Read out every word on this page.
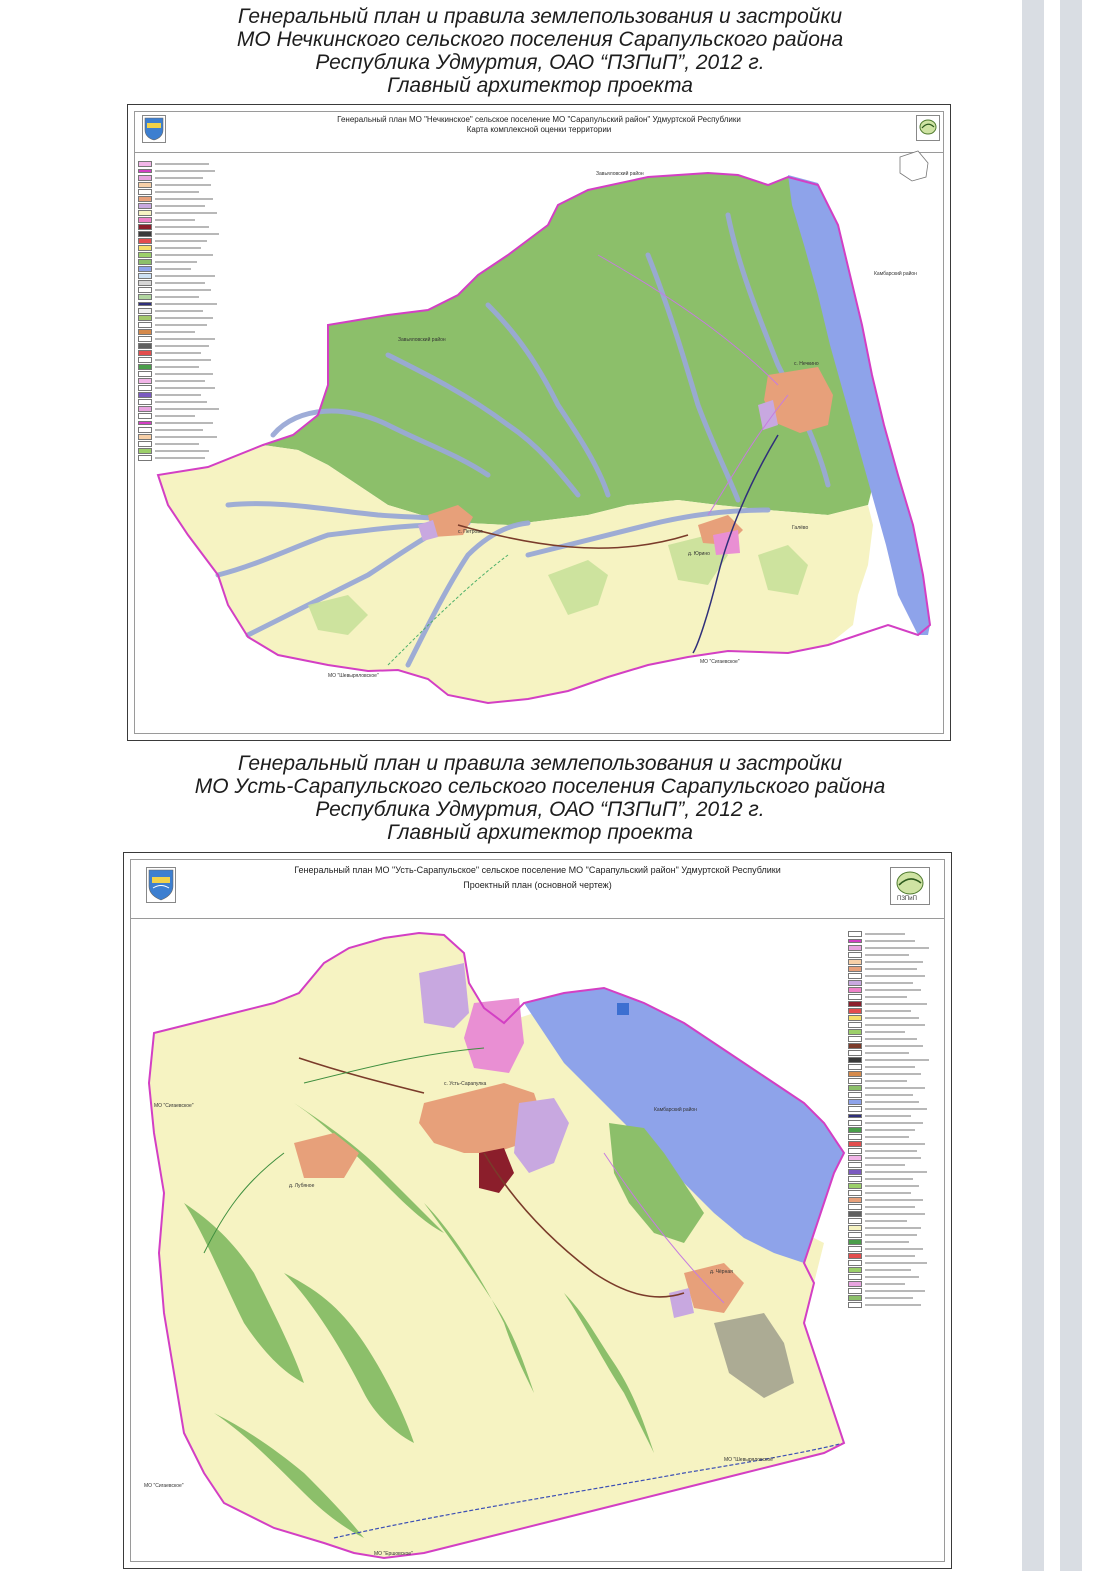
Генеральный план и правила землепользования и застройки
МО Нечкинского сельского поселения Сарапульского района
Республика Удмуртия, ОАО “ПЗПиП”, 2012 г.
Главный архитектор проекта
Генеральный план МО "Нечкинское" сельское поселение МО "Сарапульский район" Удмуртской Республики
Карта комплексной оценки территории
с. Нечкино
с. Петрово
д. Юрино
Галёво
Завьяловский район
Завьяловский район
Камбарский район
МО "Сигаевское"
МО "Шевыряловское"
Генеральный план и правила землепользования и застройки
МО Усть-Сарапульского сельского поселения Сарапульского района
Республика Удмуртия, ОАО “ПЗПиП”, 2012 г.
Главный архитектор проекта
ПЗПиП
Генеральный план МО "Усть-Сарапульское" сельское поселение МО "Сарапульский район" Удмуртской Республики
Проектный план (основной чертеж)
с. Усть-Сарапулка
д. Лубяное
д. Чёрная
Камбарский район
МО "Сигаевское"
МО "Сигаевское"
МО "Шевыряловское"
МО "Ершовское"
